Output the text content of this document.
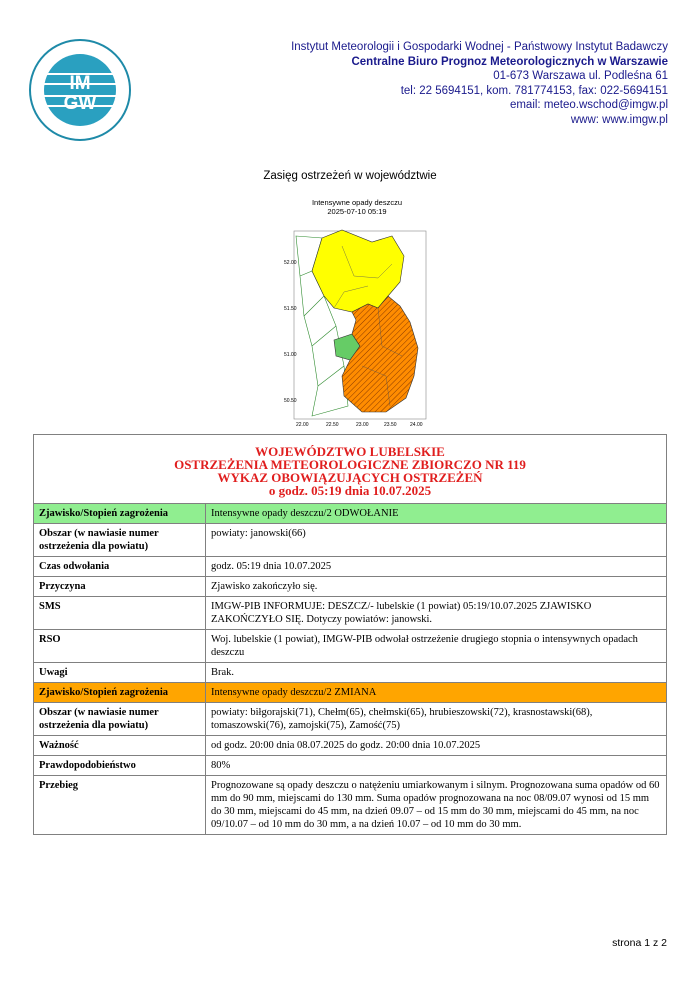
IM
GW
Instytut Meteorologii i Gospodarki Wodnej - Państwowy Instytut Badawczy
Centralne Biuro Prognoz Meteorologicznych w Warszawie
01-673 Warszawa ul. Podleśna 61
tel: 22 5694151, kom. 781774153, fax: 022-5694151
email: meteo.wschod@imgw.pl
www: www.imgw.pl
Zasięg ostrzeżeń w województwie
Intensywne opady deszczu
2025-07-10 05:19
52.00
51.50
51.00
50.50
22.00	22.50	23.00	23.50	24.00
WOJEWÓDZTWO LUBELSKIE
OSTRZEŻENIA METEOROLOGICZNE ZBIORCZO NR 119
WYKAZ OBOWIĄZUJĄCYCH OSTRZEŻEŃ
o godz. 05:19 dnia 10.07.2025	

Zjawisko/Stopień zagrożenia	Intensywne opady deszczu/2 ODWOŁANIE
Obszar (w nawiasie numer ostrzeżenia dla powiatu)	powiaty: janowski(66)
Czas odwołania	godz. 05:19 dnia 10.07.2025
Przyczyna	Zjawisko zakończyło się.
SMS	IMGW-PIB INFORMUJE: DESZCZ/- lubelskie (1 powiat) 05:19/10.07.2025 ZJAWISKO ZAKOŃCZYŁO SIĘ. Dotyczy powiatów: janowski.
RSO	Woj. lubelskie (1 powiat), IMGW-PIB odwołał ostrzeżenie drugiego stopnia o intensywnych opadach deszczu
Uwagi	Brak.
Zjawisko/Stopień zagrożenia	Intensywne opady deszczu/2 ZMIANA
Obszar (w nawiasie numer ostrzeżenia dla powiatu)	powiaty: biłgorajski(71), Chełm(65), chełmski(65), hrubieszowski(72), krasnostawski(68), tomaszowski(76), zamojski(75), Zamość(75)
Ważność	od godz. 20:00 dnia 08.07.2025 do godz. 20:00 dnia 10.07.2025
Prawdopodobieństwo	80%
Przebieg	Prognozowane są opady deszczu o natężeniu umiarkowanym i silnym. Prognozowana suma opadów od 60 mm do 90 mm, miejscami do 130 mm. Suma opadów prognozowana na noc 08/09.07 wynosi od 15 mm do 30 mm, miejscami do 45 mm, na dzień 09.07 – od 15 mm do 30 mm, miejscami do 45 mm, na noc 09/10.07 – od 10 mm do 30 mm, a na dzień 10.07 – od 10 mm do 30 mm.
strona 1 z 2
